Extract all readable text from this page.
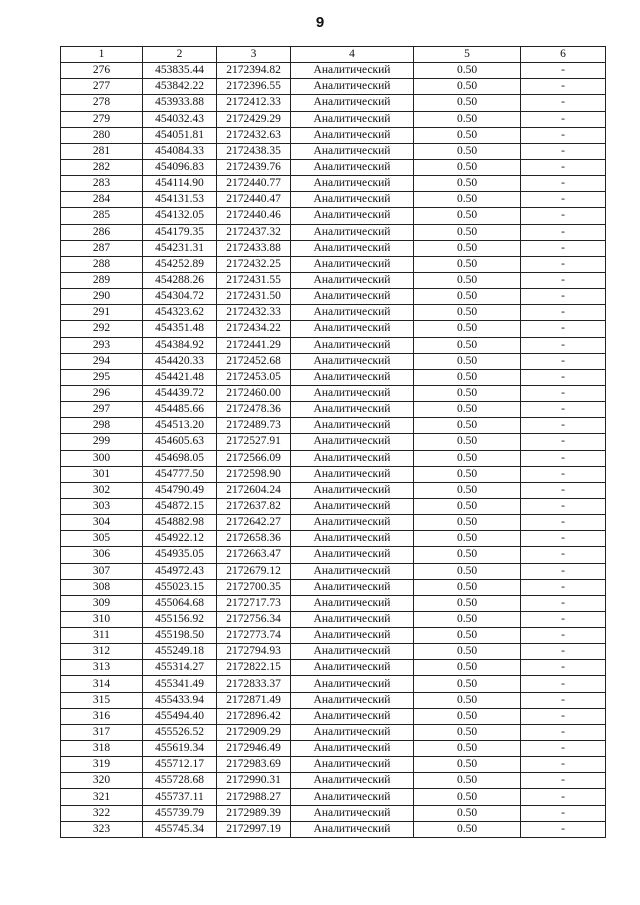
9
1	2	3	4	5	6
276	453835.44	2172394.82	Аналитический	0.50	-
277	453842.22	2172396.55	Аналитический	0.50	-
278	453933.88	2172412.33	Аналитический	0.50	-
279	454032.43	2172429.29	Аналитический	0.50	-
280	454051.81	2172432.63	Аналитический	0.50	-
281	454084.33	2172438.35	Аналитический	0.50	-
282	454096.83	2172439.76	Аналитический	0.50	-
283	454114.90	2172440.77	Аналитический	0.50	-
284	454131.53	2172440.47	Аналитический	0.50	-
285	454132.05	2172440.46	Аналитический	0.50	-
286	454179.35	2172437.32	Аналитический	0.50	-
287	454231.31	2172433.88	Аналитический	0.50	-
288	454252.89	2172432.25	Аналитический	0.50	-
289	454288.26	2172431.55	Аналитический	0.50	-
290	454304.72	2172431.50	Аналитический	0.50	-
291	454323.62	2172432.33	Аналитический	0.50	-
292	454351.48	2172434.22	Аналитический	0.50	-
293	454384.92	2172441.29	Аналитический	0.50	-
294	454420.33	2172452.68	Аналитический	0.50	-
295	454421.48	2172453.05	Аналитический	0.50	-
296	454439.72	2172460.00	Аналитический	0.50	-
297	454485.66	2172478.36	Аналитический	0.50	-
298	454513.20	2172489.73	Аналитический	0.50	-
299	454605.63	2172527.91	Аналитический	0.50	-
300	454698.05	2172566.09	Аналитический	0.50	-
301	454777.50	2172598.90	Аналитический	0.50	-
302	454790.49	2172604.24	Аналитический	0.50	-
303	454872.15	2172637.82	Аналитический	0.50	-
304	454882.98	2172642.27	Аналитический	0.50	-
305	454922.12	2172658.36	Аналитический	0.50	-
306	454935.05	2172663.47	Аналитический	0.50	-
307	454972.43	2172679.12	Аналитический	0.50	-
308	455023.15	2172700.35	Аналитический	0.50	-
309	455064.68	2172717.73	Аналитический	0.50	-
310	455156.92	2172756.34	Аналитический	0.50	-
311	455198.50	2172773.74	Аналитический	0.50	-
312	455249.18	2172794.93	Аналитический	0.50	-
313	455314.27	2172822.15	Аналитический	0.50	-
314	455341.49	2172833.37	Аналитический	0.50	-
315	455433.94	2172871.49	Аналитический	0.50	-
316	455494.40	2172896.42	Аналитический	0.50	-
317	455526.52	2172909.29	Аналитический	0.50	-
318	455619.34	2172946.49	Аналитический	0.50	-
319	455712.17	2172983.69	Аналитический	0.50	-
320	455728.68	2172990.31	Аналитический	0.50	-
321	455737.11	2172988.27	Аналитический	0.50	-
322	455739.79	2172989.39	Аналитический	0.50	-
323	455745.34	2172997.19	Аналитический	0.50	-
